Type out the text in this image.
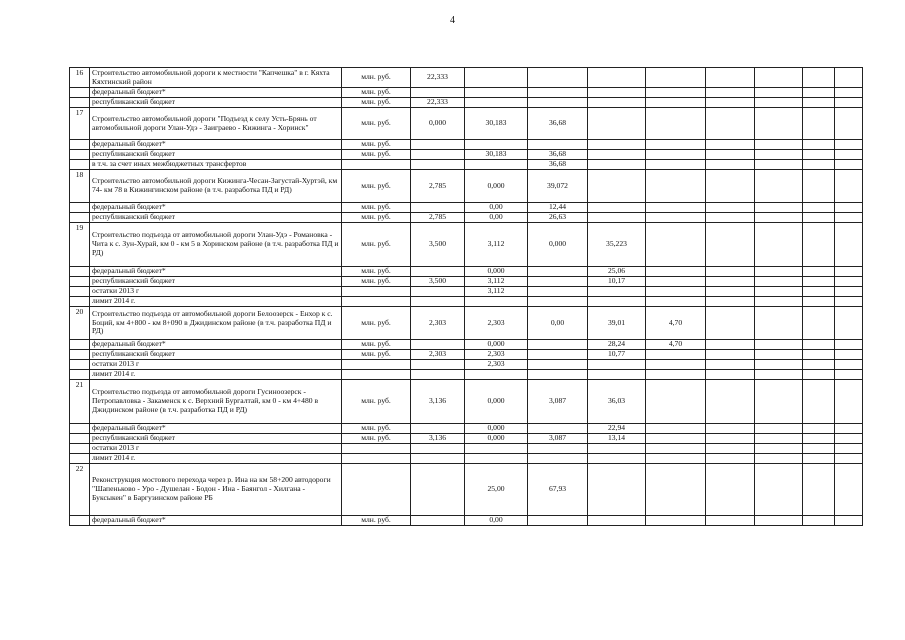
4
16	Строительство автомобильной дороги к местности "Капчешка" в г. Кяхта Кяхтинский район	млн. руб.	22,333								
	федеральный бюджет*	млн. руб.									
	республиканский бюджет	млн. руб.	22,333								
17	Строительство автомобильной дороги "Подъезд к селу Усть-Брянь от автомобильной дороги Улан-Удэ - Заиграево - Кижинга - Хоринск"	млн. руб.	0,000	30,183	36,68						
	федеральный бюджет*	млн. руб.									
	республиканский бюджет	млн. руб.		30,183	36,68						
	в т.ч. за счет иных межбюджетных трансфертов				36,68						
18	Строительство автомобильной дороги Кижинга-Чесан-Загустай-Хуртэй, км 74- км 78 в Кижингинском районе (в т.ч. разработка ПД и РД)	млн. руб.	2,785	0,000	39,072						
	федеральный бюджет*	млн. руб.		0,00	12,44						
	республиканский бюджет	млн. руб.	2,785	0,00	26,63						
19	Строительство подъезда от автомобильной дороги Улан-Удэ - Романовка - Чита к с. Зун-Хурай, км 0 - км 5 в Хоринском районе (в т.ч. разработка ПД и РД)	млн. руб.	3,500	3,112	0,000	35,223					
	федеральный бюджет*	млн. руб.		0,000		25,06					
	республиканский бюджет	млн. руб.	3,500	3,112		10,17					
	остатки 2013 г			3,112							
	лимит 2014 г.										
20	Строительство подъезда от автомобильной дороги Белоозерск - Енхор к с. Боций, км 4+800 - км 8+090 в Джидинском районе (в т.ч. разработка ПД и РД)	млн. руб.	2,303	2,303	0,00	39,01	4,70				
	федеральный бюджет*	млн. руб.		0,000		28,24	4,70				
	республиканский бюджет	млн. руб.	2,303	2,303		10,77					
	остатки 2013 г			2,303							
	лимит 2014 г.										
21	Строительство подъезда от автомобильной дороги Гусиноозерск - Петропавловка - Закаменск к с. Верхний Бургалтай, км 0 - км 4+480 в Джидинском районе (в т.ч. разработка ПД и РД)	млн. руб.	3,136	0,000	3,087	36,03					
	федеральный бюджет*	млн. руб.		0,000		22,94					
	республиканский бюджет	млн. руб.	3,136	0,000	3,087	13,14					
	остатки 2013 г										
	лимит 2014 г.										
22	Реконструкция мостового перехода через р. Ина на км 58+200 автодороги "Шапеньково - Уро - Душелан - Бодон - Ина - Баянгол - Хилгана - Буксыкен" в Баргузинском районе РБ			25,00	67,93						
	федеральный бюджет*	млн. руб.		0,00							
